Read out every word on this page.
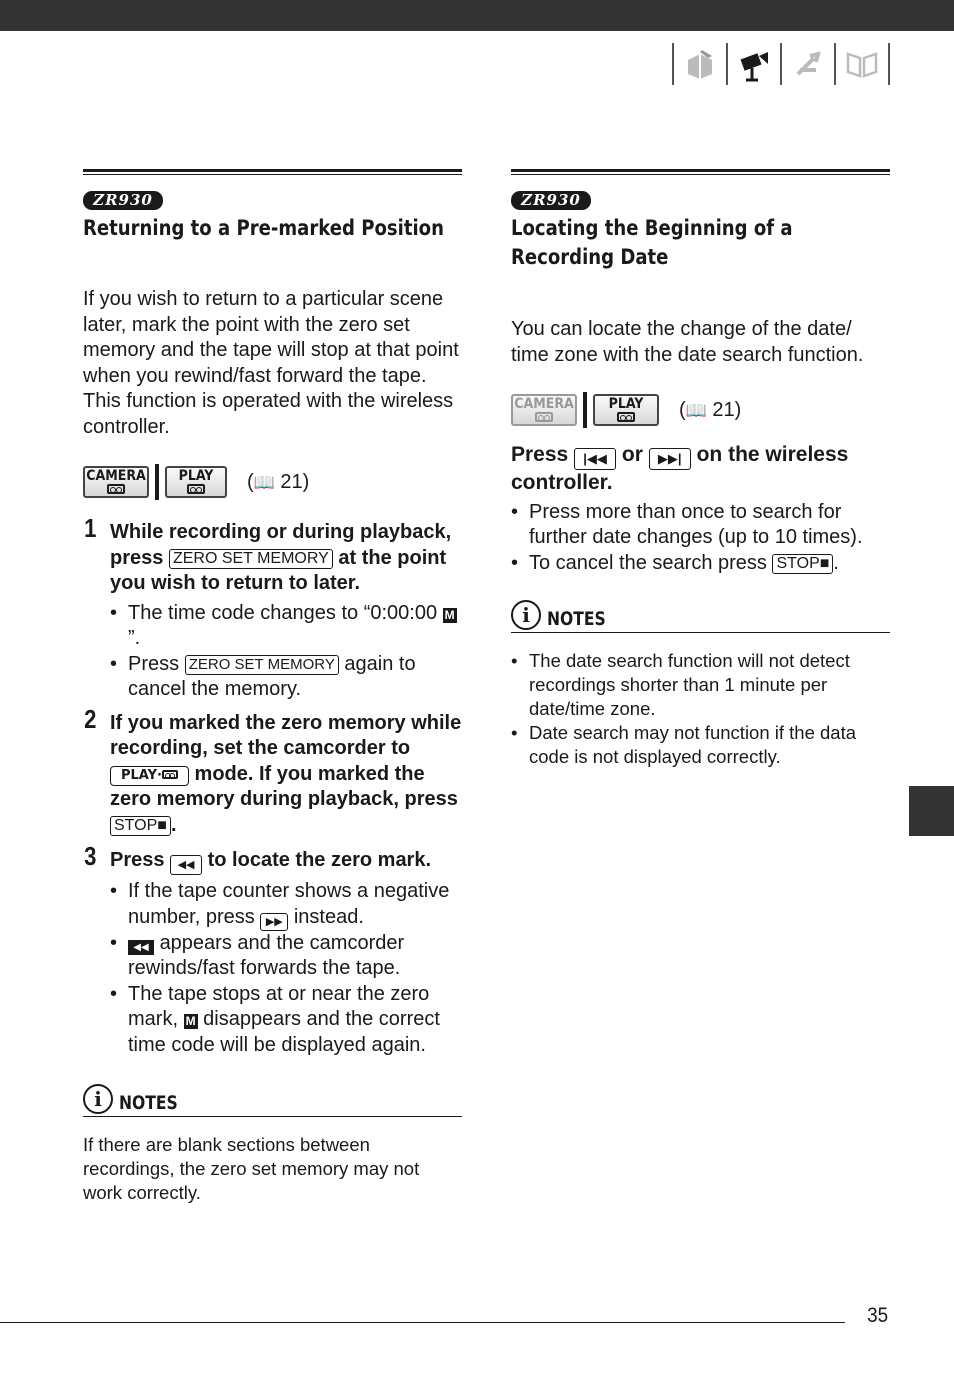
ZR930
Returning to a Pre-marked Position

If you wish to return to a particular scene later, mark the point with the zero set memory and the tape will stop at that point when you rewind/fast forward the tape. This function is operated with the wireless controller.

CAMERA	PLAY	(📖 21)
1 While recording or during playback, press ZERO SET MEMORY at the point you wish to return to later.
• The time code changes to “0:00:00 M”.
• Press ZERO SET MEMORY again to cancel the memory.
2 If you marked the zero memory while recording, set the camcorder to PLAY· mode. If you marked the zero memory during playback, press STOP■ .
3 Press ◀◀ to locate the zero mark.
• If the tape counter shows a negative number, press ▶▶ instead.
• ◀◀ appears and the camcorder rewinds/fast forwards the tape.
• The tape stops at or near the zero mark, M disappears and the correct time code will be displayed again.
i NOTES

If there are blank sections between recordings, the zero set memory may not work correctly.

ZR930
Locating the Beginning of a Recording Date

You can locate the change of the date/ time zone with the date search function.

CAMERA	PLAY	(📖 21)
Press |◀◀ or ▶▶| on the wireless controller.
• Press more than once to search for further date changes (up to 10 times).
• To cancel the search press STOP■ .
i NOTES
• The date search function will not detect recordings shorter than 1 minute per date/time zone.
• Date search may not function if the data code is not displayed correctly.
35
